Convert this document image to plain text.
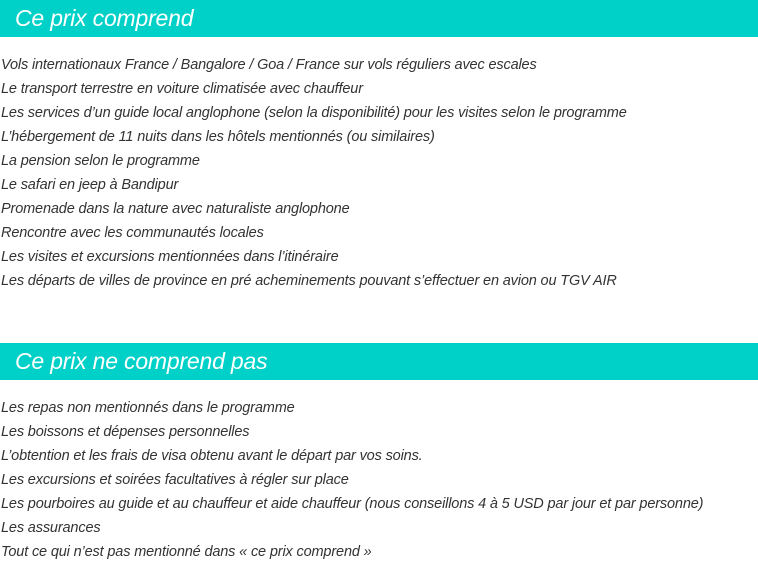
Ce prix comprend
Vols internationaux France / Bangalore / Goa / France sur vols réguliers avec escales
Le transport terrestre en voiture climatisée avec chauffeur
Les services d’un guide local anglophone (selon la disponibilité) pour les visites selon le programme
L’hébergement de 11 nuits dans les hôtels mentionnés (ou similaires)
La pension selon le programme
Le safari en jeep à Bandipur
Promenade dans la nature avec naturaliste anglophone
Rencontre avec les communautés locales
Les visites et excursions mentionnées dans l’itinéraire
Les départs de villes de province en pré acheminements pouvant s’effectuer en avion ou TGV AIR
Ce prix ne comprend pas
Les repas non mentionnés dans le programme
Les boissons et dépenses personnelles
L’obtention et les frais de visa obtenu avant le départ par vos soins.
Les excursions et soirées facultatives à régler sur place
Les pourboires au guide et au chauffeur et aide chauffeur (nous conseillons 4 à 5 USD par jour et par personne)
Les assurances
Tout ce qui n’est pas mentionné dans « ce prix comprend »
